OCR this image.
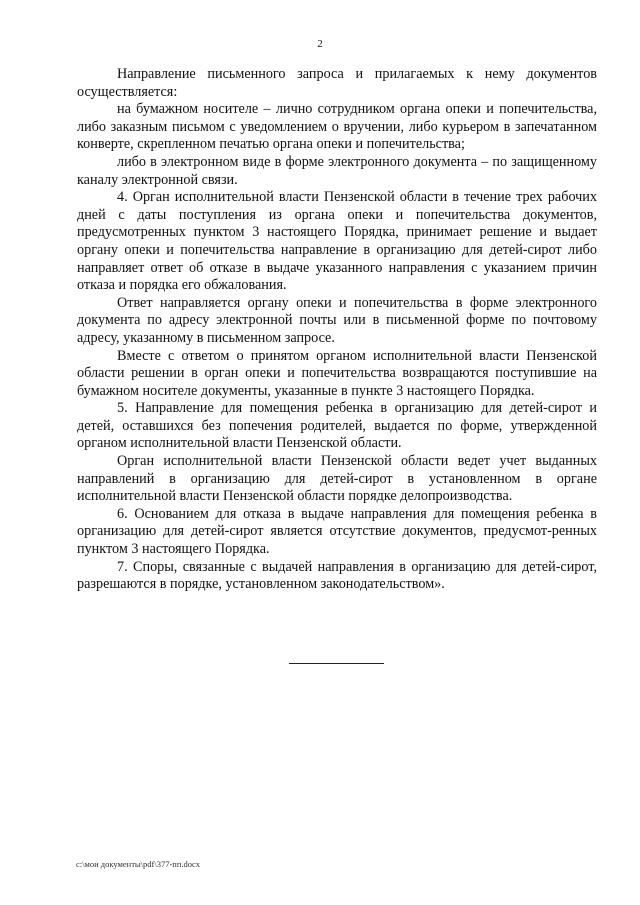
2

Направление письменного запроса и прилагаемых к нему документов осуществляется:

на бумажном носителе – лично сотрудником органа опеки и попечительства, либо заказным письмом с уведомлением о вручении, либо курьером в запечатанном конверте, скрепленном печатью органа опеки и попечительства;

либо в электронном виде в форме электронного документа – по защищенному каналу электронной связи.

4. Орган исполнительной власти Пензенской области в течение трех рабочих дней с даты поступления из органа опеки и попечительства документов, предусмотренных пунктом 3 настоящего Порядка, принимает решение и выдает органу опеки и попечительства направление в организацию для детей-сирот либо направляет ответ об отказе в выдаче указанного направления с указанием причин отказа и порядка его обжалования.

Ответ направляется органу опеки и попечительства в форме электронного документа по адресу электронной почты или в письменной форме по почтовому адресу, указанному в письменном запросе.

Вместе с ответом о принятом органом исполнительной власти Пензенской области решении в орган опеки и попечительства возвращаются поступившие на бумажном носителе документы, указанные в пункте 3 настоящего Порядка.

5. Направление для помещения ребенка в организацию для детей-сирот и детей, оставшихся без попечения родителей, выдается по форме, утвержденной органом исполнительной власти Пензенской области.

Орган исполнительной власти Пензенской области ведет учет выданных направлений в организацию для детей-сирот в установленном в органе исполнительной власти Пензенской области порядке делопроизводства.

6. Основанием для отказа в выдаче направления для помещения ребенка в организацию для детей-сирот является отсутствие документов, предусмот-ренных пунктом 3 настоящего Порядка.

7. Споры, связанные с выдачей направления в организацию для детей-сирот, разрешаются в порядке, установленном законодательством».

c:\мои документы\pdf\377-пп.docx
